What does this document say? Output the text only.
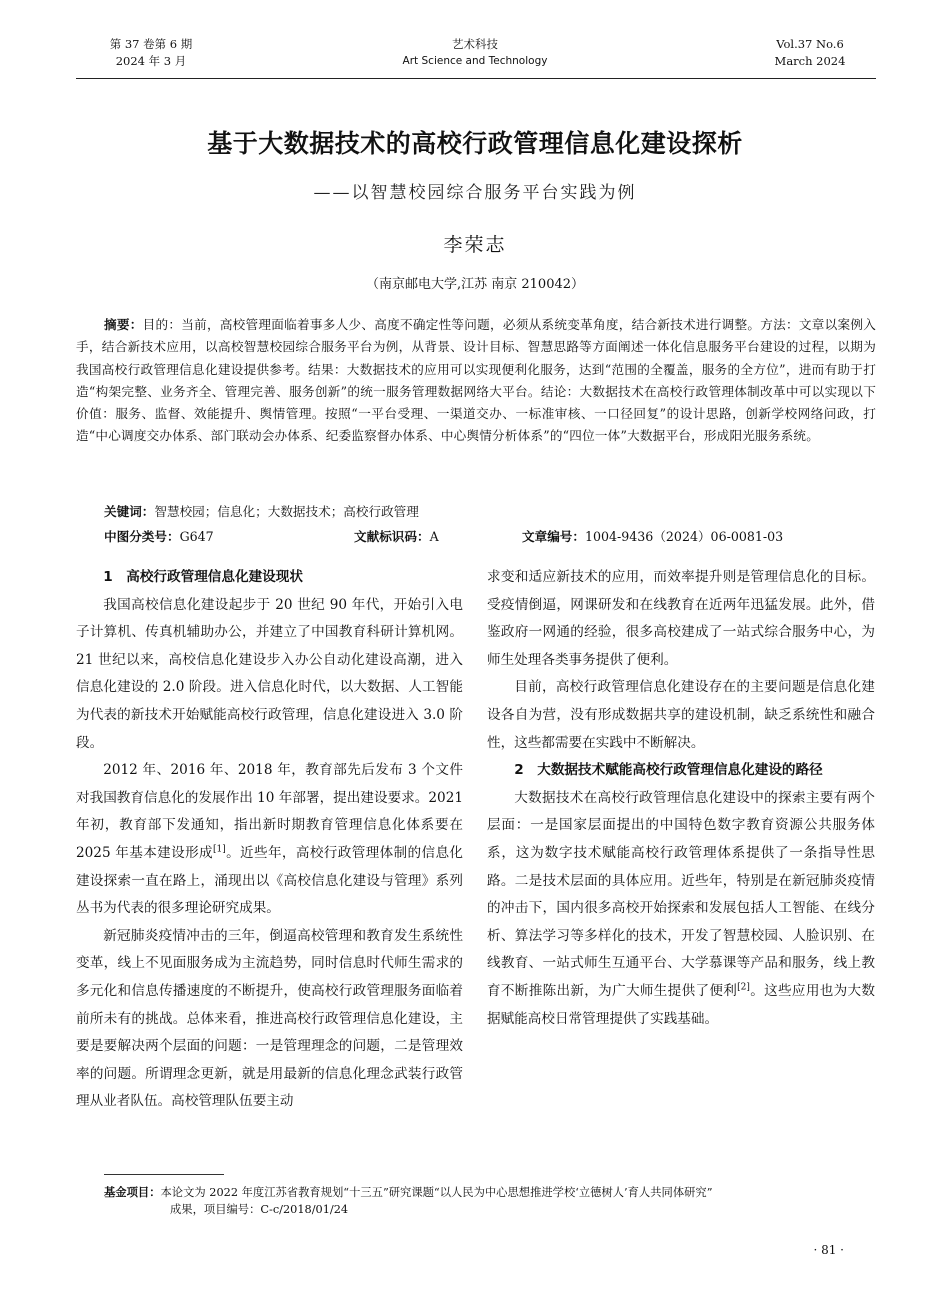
第 37 卷第 6 期
2024 年 3 月
艺术科技
Art Science and Technology
Vol.37 No.6
March 2024
基于大数据技术的高校行政管理信息化建设探析
——以智慧校园综合服务平台实践为例
李荣志
（南京邮电大学,江苏 南京 210042）
摘要：目的：当前，高校管理面临着事多人少、高度不确定性等问题，必须从系统变革角度，结合新技术进行调整。方法：文章以案例入手，结合新技术应用，以高校智慧校园综合服务平台为例，从背景、设计目标、智慧思路等方面阐述一体化信息服务平台建设的过程，以期为我国高校行政管理信息化建设提供参考。结果：大数据技术的应用可以实现便利化服务，达到“范围的全覆盖，服务的全方位”，进而有助于打造“构架完整、业务齐全、管理完善、服务创新”的统一服务管理数据网络大平台。结论：大数据技术在高校行政管理体制改革中可以实现以下价值：服务、监督、效能提升、舆情管理。按照“一平台受理、一渠道交办、一标准审核、一口径回复”的设计思路，创新学校网络问政，打造“中心调度交办体系、部门联动会办体系、纪委监察督办体系、中心舆情分析体系”的“四位一体”大数据平台，形成阳光服务系统。
关键词：智慧校园；信息化；大数据技术；高校行政管理
中图分类号：G647	文献标识码：A	文章编号：1004-9436（2024）06-0081-03
1　高校行政管理信息化建设现状

我国高校信息化建设起步于 20 世纪 90 年代，开始引入电子计算机、传真机辅助办公，并建立了中国教育科研计算机网。21 世纪以来，高校信息化建设步入办公自动化建设高潮，进入信息化建设的 2.0 阶段。进入信息化时代，以大数据、人工智能为代表的新技术开始赋能高校行政管理，信息化建设进入 3.0 阶段。

2012 年、2016 年、2018 年，教育部先后发布 3 个文件对我国教育信息化的发展作出 10 年部署，提出建设要求。2021 年初，教育部下发通知，指出新时期教育管理信息化体系要在 2025 年基本建设形成[1]。近些年，高校行政管理体制的信息化建设探索一直在路上，涌现出以《高校信息化建设与管理》系列丛书为代表的很多理论研究成果。

新冠肺炎疫情冲击的三年，倒逼高校管理和教育发生系统性变革，线上不见面服务成为主流趋势，同时信息时代师生需求的多元化和信息传播速度的不断提升，使高校行政管理服务面临着前所未有的挑战。总体来看，推进高校行政管理信息化建设，主要是要解决两个层面的问题：一是管理理念的问题，二是管理效率的问题。所谓理念更新，就是用最新的信息化理念武装行政管理从业者队伍。高校管理队伍要主动

求变和适应新技术的应用，而效率提升则是管理信息化的目标。受疫情倒逼，网课研发和在线教育在近两年迅猛发展。此外，借鉴政府一网通的经验，很多高校建成了一站式综合服务中心，为师生处理各类事务提供了便利。

目前，高校行政管理信息化建设存在的主要问题是信息化建设各自为营，没有形成数据共享的建设机制，缺乏系统性和融合性，这些都需要在实践中不断解决。

2　大数据技术赋能高校行政管理信息化建设的路径

大数据技术在高校行政管理信息化建设中的探索主要有两个层面：一是国家层面提出的中国特色数字教育资源公共服务体系，这为数字技术赋能高校行政管理体系提供了一条指导性思路。二是技术层面的具体应用。近些年，特别是在新冠肺炎疫情的冲击下，国内很多高校开始探索和发展包括人工智能、在线分析、算法学习等多样化的技术，开发了智慧校园、人脸识别、在线教育、一站式师生互通平台、大学慕课等产品和服务，线上教育不断推陈出新，为广大师生提供了便利[2]。这些应用也为大数据赋能高校日常管理提供了实践基础。

基金项目：本论文为 2022 年度江苏省教育规划“十三五”研究课题“以人民为中心思想推进学校‘立德树人’育人共同体研究”
成果，项目编号：C-c/2018/01/24
· 81 ·
